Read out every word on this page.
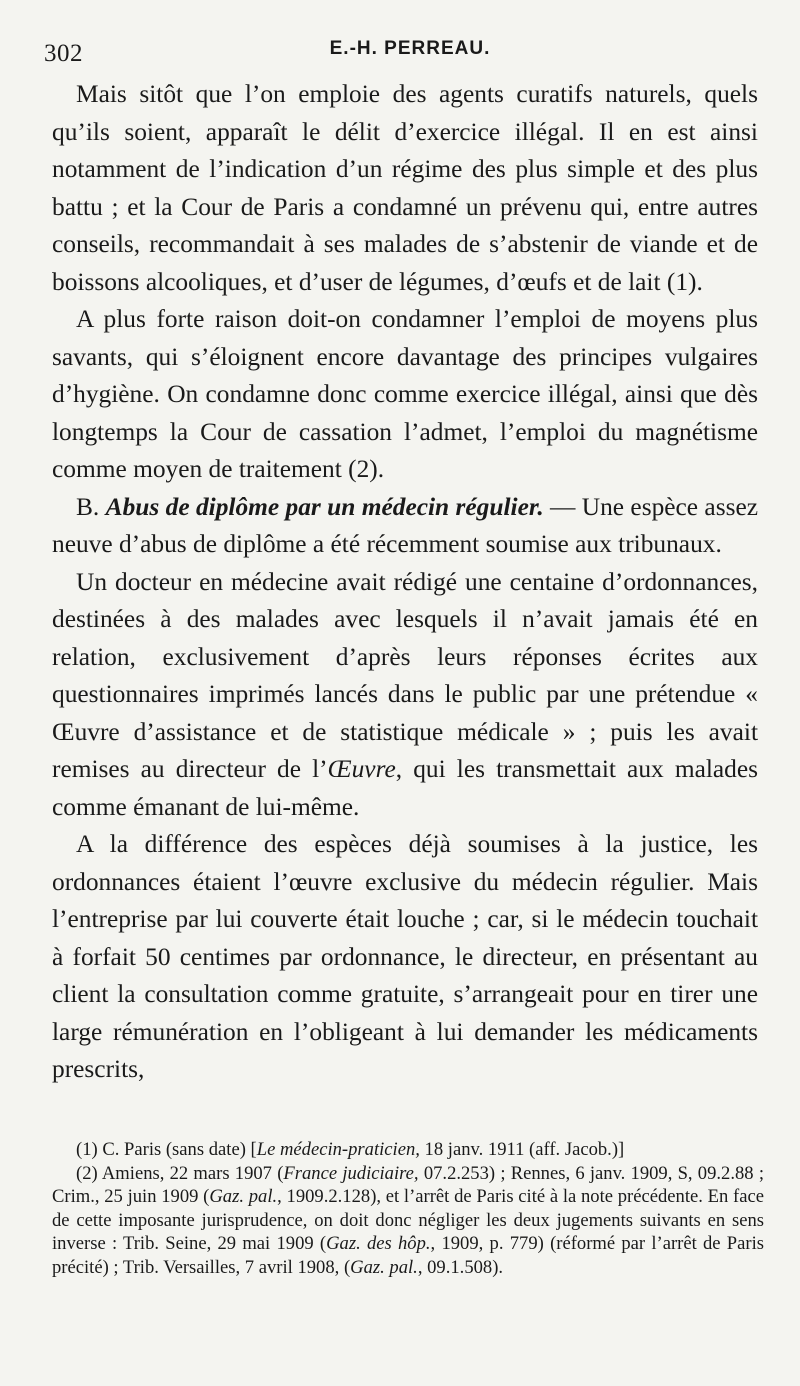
302	E.-H. PERREAU.

Mais sitôt que l’on emploie des agents curatifs naturels, quels qu’ils soient, apparaît le délit d’exercice illégal. Il en est ainsi notamment de l’indication d’un régime des plus simple et des plus battu ; et la Cour de Paris a condamné un prévenu qui, entre autres conseils, recommandait à ses malades de s’abstenir de viande et de boissons alcooliques, et d’user de légumes, d’œufs et de lait (1).

A plus forte raison doit-on condamner l’emploi de moyens plus savants, qui s’éloignent encore davantage des principes vulgaires d’hygiène. On condamne donc comme exercice illégal, ainsi que dès longtemps la Cour de cassation l’admet, l’emploi du magnétisme comme moyen de traitement (2).

B. Abus de diplôme par un médecin régulier. — Une espèce assez neuve d’abus de diplôme a été récemment soumise aux tribunaux.

Un docteur en médecine avait rédigé une centaine d’ordonnances, destinées à des malades avec lesquels il n’avait jamais été en relation, exclusivement d’après leurs réponses écrites aux questionnaires imprimés lancés dans le public par une prétendue « Œuvre d’assistance et de statistique médicale » ; puis les avait remises au directeur de l’Œuvre, qui les transmettait aux malades comme émanant de lui-même.

A la différence des espèces déjà soumises à la justice, les ordonnances étaient l’œuvre exclusive du médecin régulier. Mais l’entreprise par lui couverte était louche ; car, si le médecin touchait à forfait 50 centimes par ordonnance, le directeur, en présentant au client la consultation comme gratuite, s’arrangeait pour en tirer une large rémunération en l’obligeant à lui demander les médicaments prescrits,

(1) C. Paris (sans date) [Le médecin-praticien, 18 janv. 1911 (aff. Jacob.)]

(2) Amiens, 22 mars 1907 (France judiciaire, 07.2.253) ; Rennes, 6 janv. 1909, S, 09.2.88 ; Crim., 25 juin 1909 (Gaz. pal., 1909.2.128), et l’arrêt de Paris cité à la note précédente. En face de cette imposante jurisprudence, on doit donc négliger les deux jugements suivants en sens inverse : Trib. Seine, 29 mai 1909 (Gaz. des hôp., 1909, p. 779) (réformé par l’arrêt de Paris précité) ; Trib. Versailles, 7 avril 1908, (Gaz. pal., 09.1.508).
